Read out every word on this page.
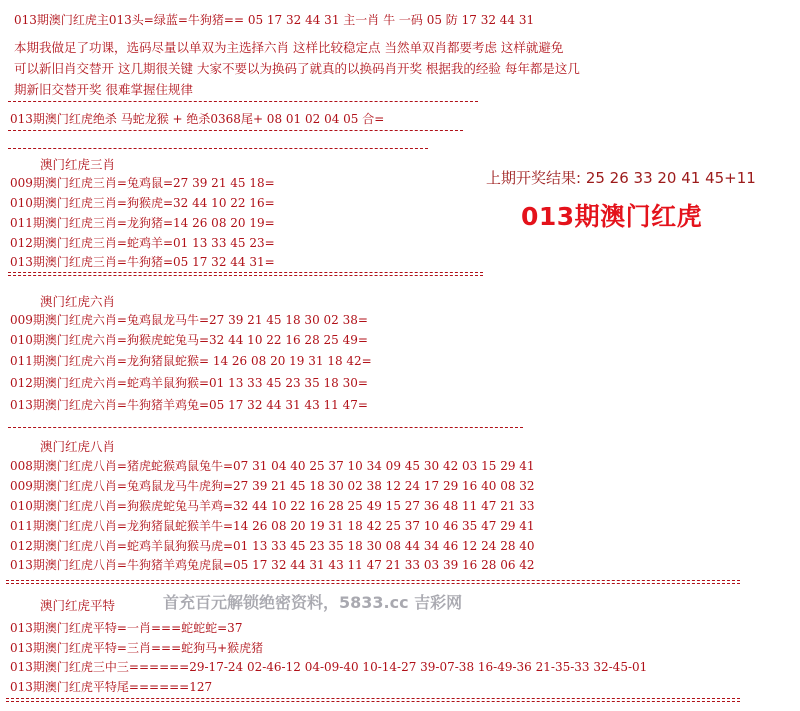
013期澳门红虎主013头=绿蓝=牛狗猪== 05 17 32 44 31 主一肖 牛 一码 05 防 17 32 44 31
本期我做足了功课，选码尽量以单双为主选择六肖 这样比较稳定点 当然单双肖都要考虑 这样就避免
可以新旧肖交替开 这几期很关键 大家不要以为换码了就真的以换码肖开奖 根据我的经验 每年都是这几
期新旧交替开奖 很难掌握住规律
013期澳门红虎绝杀 马蛇龙猴 + 绝杀0368尾+ 08 01 02 04 05 合=
澳门红虎三肖
009期澳门红虎三肖=兔鸡鼠=27 39 21 45 18=
010期澳门红虎三肖=狗猴虎=32 44 10 22 16=
011期澳门红虎三肖=龙狗猪=14 26 08 20 19=
012期澳门红虎三肖=蛇鸡羊=01 13 33 45 23=
013期澳门红虎三肖=牛狗猪=05 17 32 44 31=
上期开奖结果: 25 26 33 20 41 45+11
013期澳门红虎
澳门红虎六肖
009期澳门红虎六肖=兔鸡鼠龙马牛=27 39 21 45 18 30 02 38=
010期澳门红虎六肖=狗猴虎蛇兔马=32 44 10 22 16 28 25 49=
011期澳门红虎六肖=龙狗猪鼠蛇猴= 14 26 08 20 19 31 18 42=
012期澳门红虎六肖=蛇鸡羊鼠狗猴=01 13 33 45 23 35 18 30=
013期澳门红虎六肖=牛狗猪羊鸡兔=05 17 32 44 31 43 11 47=
澳门红虎八肖
008期澳门红虎八肖=猪虎蛇猴鸡鼠兔牛=07 31 04 40 25 37 10 34 09 45 30 42 03 15 29 41
009期澳门红虎八肖=兔鸡鼠龙马牛虎狗=27 39 21 45 18 30 02 38 12 24 17 29 16 40 08 32
010期澳门红虎八肖=狗猴虎蛇兔马羊鸡=32 44 10 22 16 28 25 49 15 27 36 48 11 47 21 33
011期澳门红虎八肖=龙狗猪鼠蛇猴羊牛=14 26 08 20 19 31 18 42 25 37 10 46 35 47 29 41
012期澳门红虎八肖=蛇鸡羊鼠狗猴马虎=01 13 33 45 23 35 18 30 08 44 34 46 12 24 28 40
013期澳门红虎八肖=牛狗猪羊鸡兔虎鼠=05 17 32 44 31 43 11 47 21 33 03 39 16 28 06 42
首充百元解锁绝密资料，5833.cc 吉彩网
澳门红虎平特
013期澳门红虎平特=一肖===蛇蛇蛇=37
013期澳门红虎平特=三肖===蛇狗马+猴虎猪
013期澳门红虎三中三======29-17-24 02-46-12 04-09-40 10-14-27 39-07-38 16-49-36 21-35-33 32-45-01
013期澳门红虎平特尾======127
